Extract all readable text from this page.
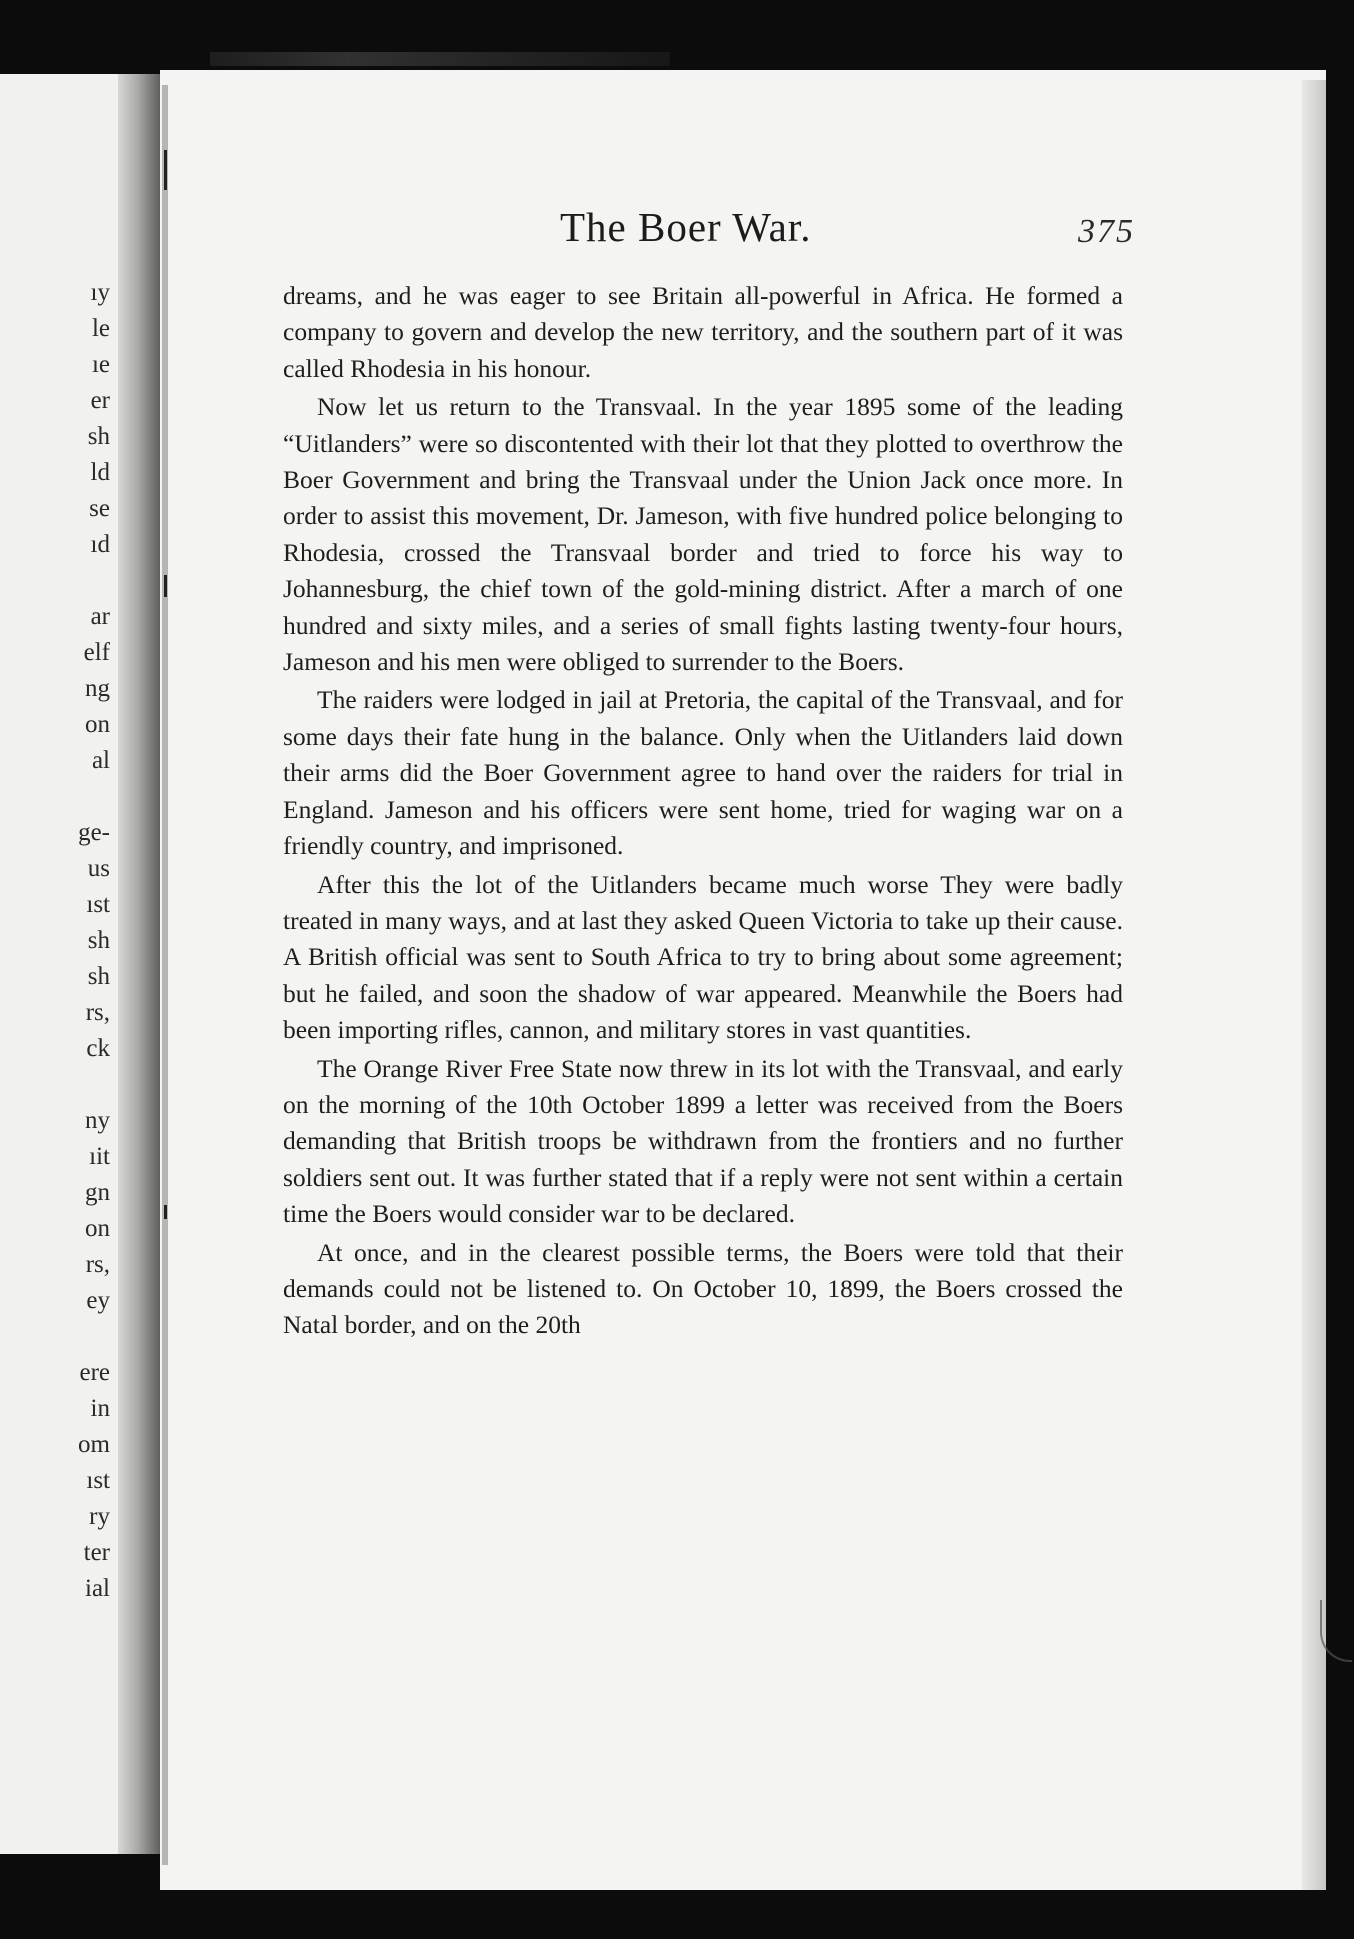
ıy
le
ıe
er
sh
ld
se
ıd
ar
elf
ng
on
al
ge-
us
ıst
sh
sh
rs,
ck
ny
ıit
gn
on
rs,
ey
ere
in
om
ıst
ry
ter
ial
The Boer War.	375

dreams, and he was eager to see Britain all-powerful in Africa. He formed a company to govern and develop the new territory, and the southern part of it was called Rhodesia in his honour.

Now let us return to the Transvaal. In the year 1895 some of the leading “Uitlanders” were so discontented with their lot that they plotted to overthrow the Boer Government and bring the Transvaal under the Union Jack once more. In order to assist this movement, Dr. Jameson, with five hundred police belonging to Rhodesia, crossed the Transvaal border and tried to force his way to Johannesburg, the chief town of the gold-mining district. After a march of one hundred and sixty miles, and a series of small fights lasting twenty-four hours, Jameson and his men were obliged to surrender to the Boers.

The raiders were lodged in jail at Pretoria, the capital of the Transvaal, and for some days their fate hung in the balance. Only when the Uitlanders laid down their arms did the Boer Government agree to hand over the raiders for trial in England. Jameson and his officers were sent home, tried for waging war on a friendly country, and imprisoned.

After this the lot of the Uitlanders became much worse They were badly treated in many ways, and at last they asked Queen Victoria to take up their cause. A British official was sent to South Africa to try to bring about some agreement; but he failed, and soon the shadow of war appeared. Meanwhile the Boers had been importing rifles, cannon, and military stores in vast quantities.

The Orange River Free State now threw in its lot with the Transvaal, and early on the morning of the 10th October 1899 a letter was received from the Boers demanding that British troops be withdrawn from the frontiers and no further soldiers sent out. It was further stated that if a reply were not sent within a certain time the Boers would consider war to be declared.

At once, and in the clearest possible terms, the Boers were told that their demands could not be listened to. On October 10, 1899, the Boers crossed the Natal border, and on the 20th
